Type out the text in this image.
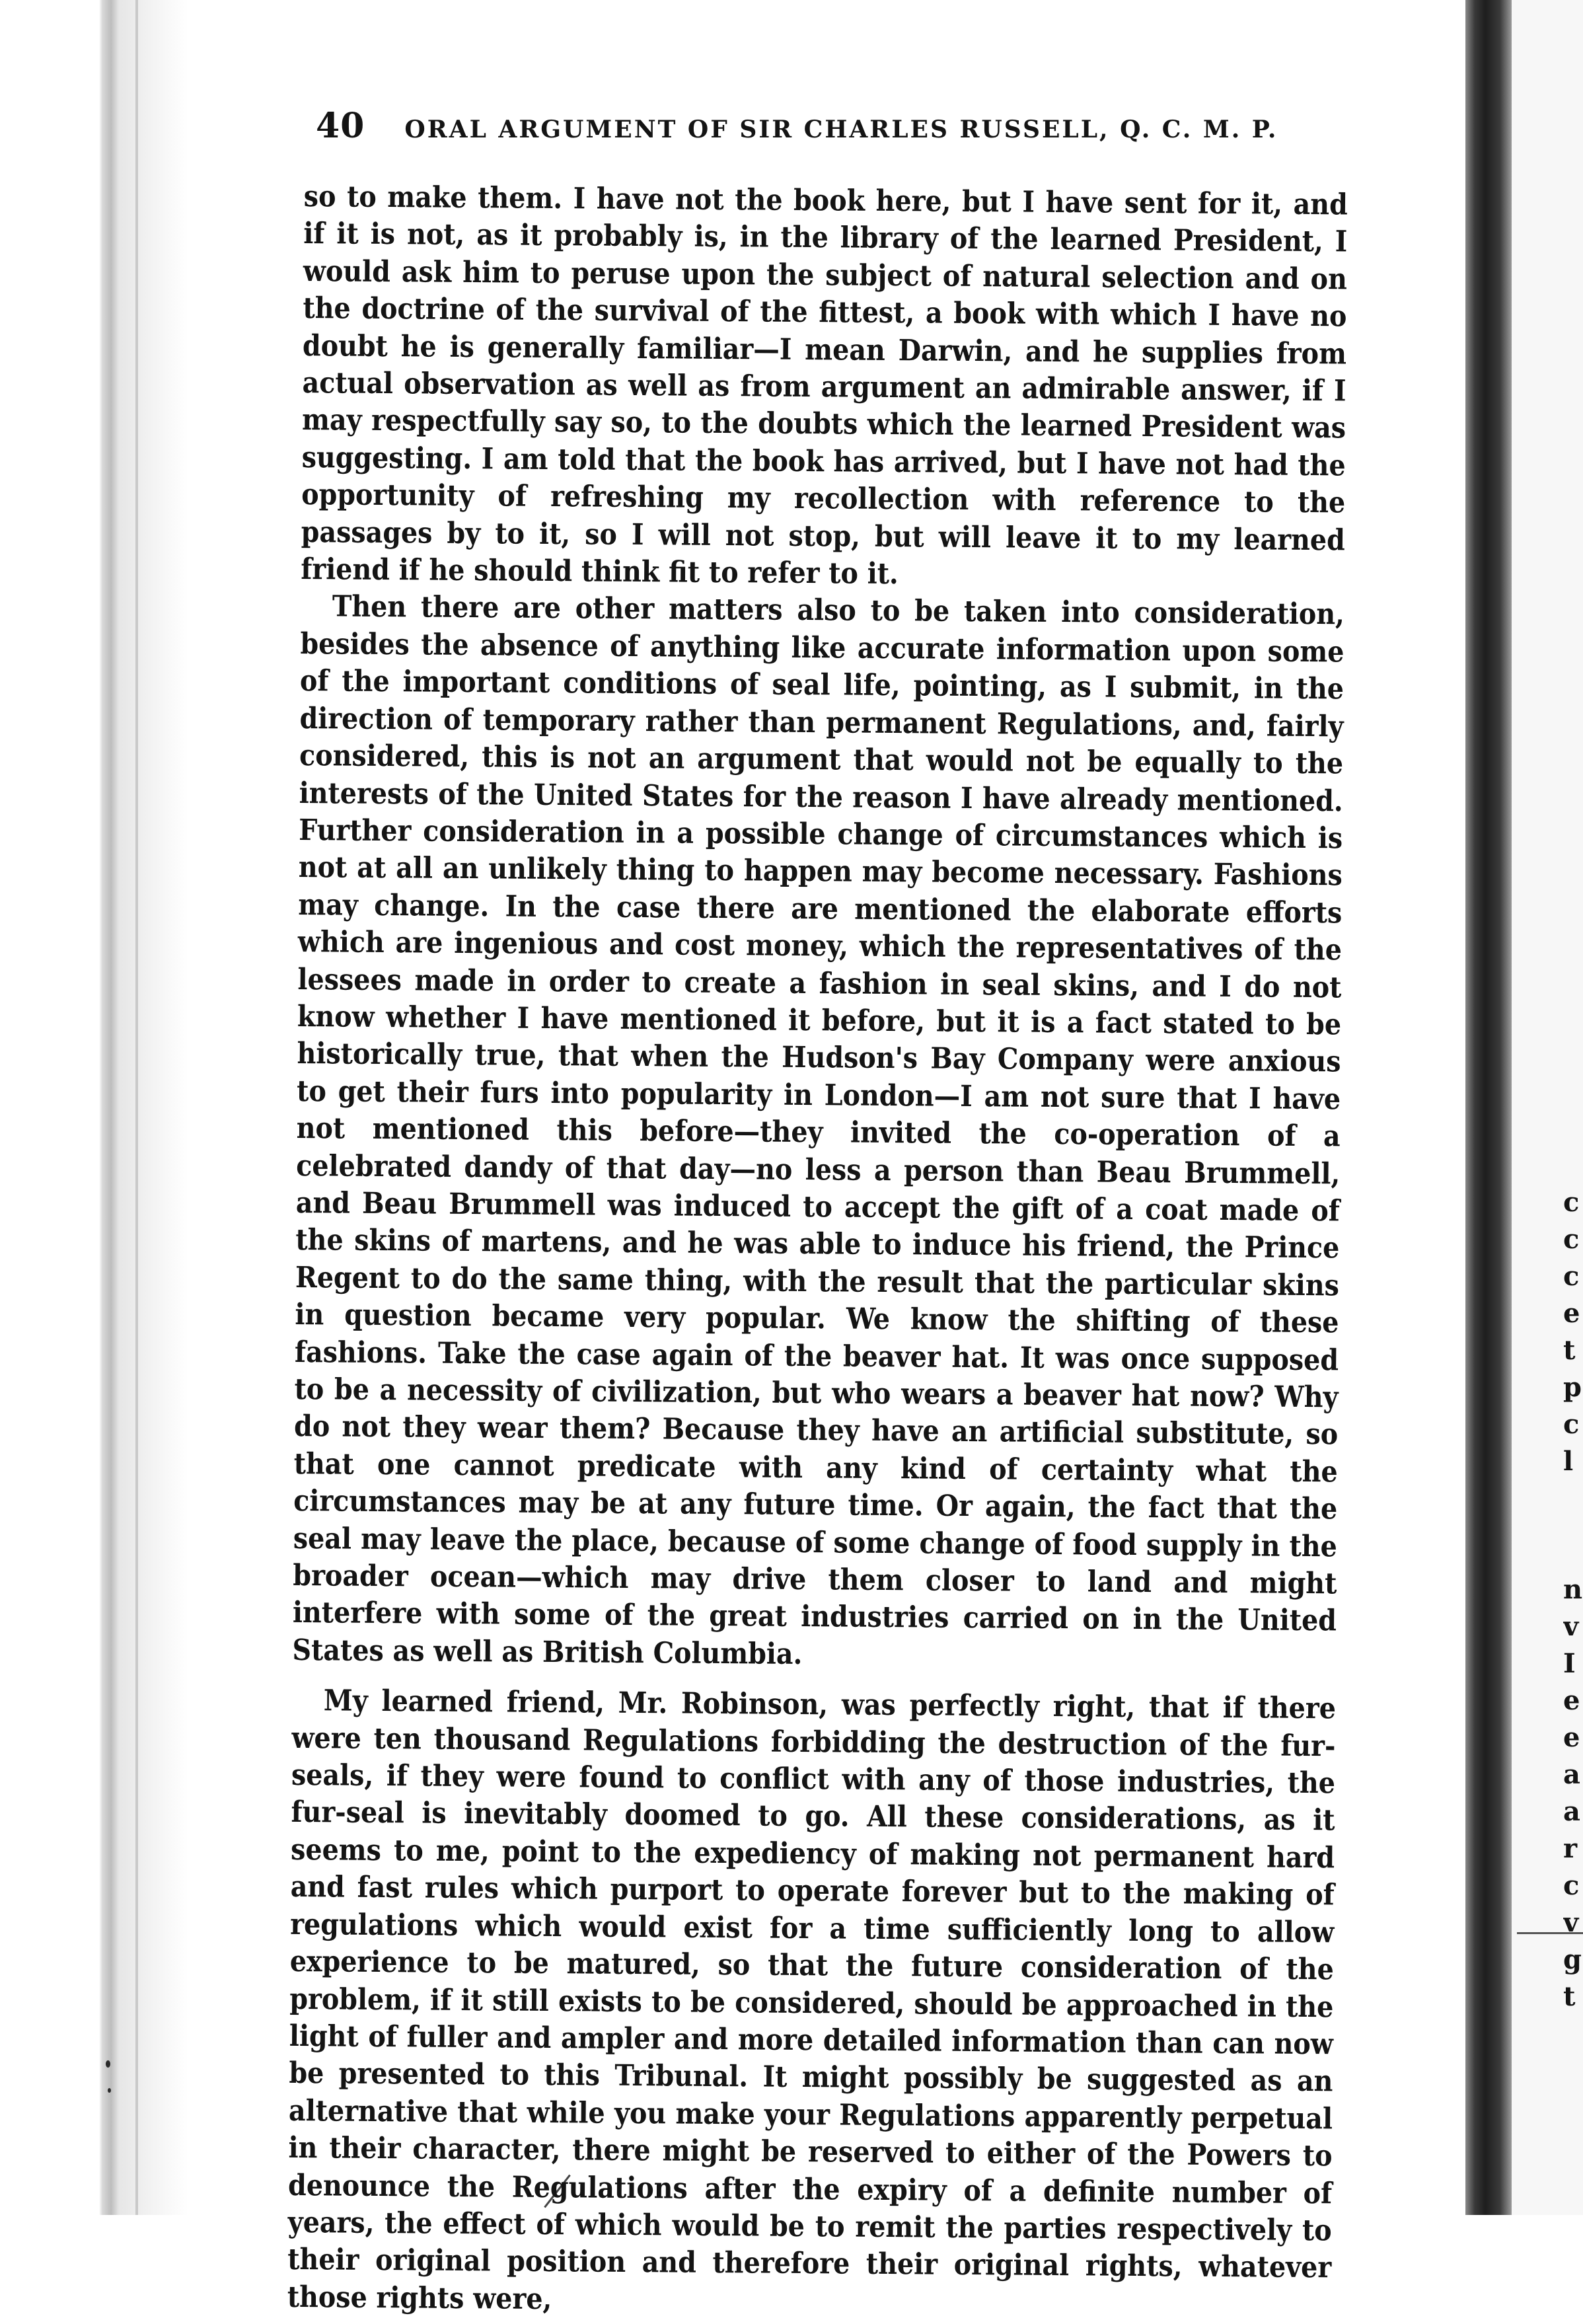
40 ORAL ARGUMENT OF SIR CHARLES RUSSELL, Q. C. M. P.

so to make them. I have not the book here, but I have sent for it, and if it is not, as it probably is, in the library of the learned President, I would ask him to peruse upon the subject of natural selection and on the doctrine of the survival of the fittest, a book with which I have no doubt he is generally familiar—I mean Darwin, and he supplies from actual observation as well as from argument an admirable answer, if I may respectfully say so, to the doubts which the learned President was suggesting. I am told that the book has arrived, but I have not had the opportunity of refreshing my recollection with reference to the passages by to it, so I will not stop, but will leave it to my learned friend if he should think fit to refer to it.

Then there are other matters also to be taken into consideration, besides the absence of anything like accurate information upon some of the important conditions of seal life, pointing, as I submit, in the direction of temporary rather than permanent Regulations, and, fairly considered, this is not an argument that would not be equally to the interests of the United States for the reason I have already mentioned. Further consideration in a possible change of circumstances which is not at all an unlikely thing to happen may become necessary. Fashions may change. In the case there are mentioned the elaborate efforts which are ingenious and cost money, which the representatives of the lessees made in order to create a fashion in seal skins, and I do not know whether I have mentioned it before, but it is a fact stated to be historically true, that when the Hudson's Bay Company were anxious to get their furs into popularity in London—I am not sure that I have not mentioned this before—they invited the co-operation of a celebrated dandy of that day—no less a person than Beau Brummell, and Beau Brummell was induced to accept the gift of a coat made of the skins of martens, and he was able to induce his friend, the Prince Regent to do the same thing, with the result that the particular skins in question became very popular. We know the shifting of these fashions. Take the case again of the beaver hat. It was once supposed to be a necessity of civilization, but who wears a beaver hat now? Why do not they wear them? Because they have an artificial substitute, so that one cannot predicate with any kind of certainty what the circumstances may be at any future time. Or again, the fact that the seal may leave the place, because of some change of food supply in the broader ocean—which may drive them closer to land and might interfere with some of the great industries carried on in the United States as well as British Columbia.

My learned friend, Mr. Robinson, was perfectly right, that if there were ten thousand Regulations forbidding the destruction of the fur-seals, if they were found to conflict with any of those industries, the fur-seal is inevitably doomed to go. All these considerations, as it seems to me, point to the expediency of making not permanent hard and fast rules which purport to operate forever but to the making of regulations which would exist for a time sufficiently long to allow experience to be matured, so that the future consideration of the problem, if it still exists to be considered, should be approached in the light of fuller and ampler and more detailed information than can now be presented to this Tribunal. It might possibly be suggested as an alternative that while you make your Regulations apparently perpetual in their character, there might be reserved to either of the Powers to denounce the Regulations after the expiry of a definite number of years, the effect of which would be to remit the parties respectively to their original position and therefore their original rights, whatever those rights were,

c
c
c
e
t
p
c
l
n
v
I
e
e
a
a
r
c
v
g
t
